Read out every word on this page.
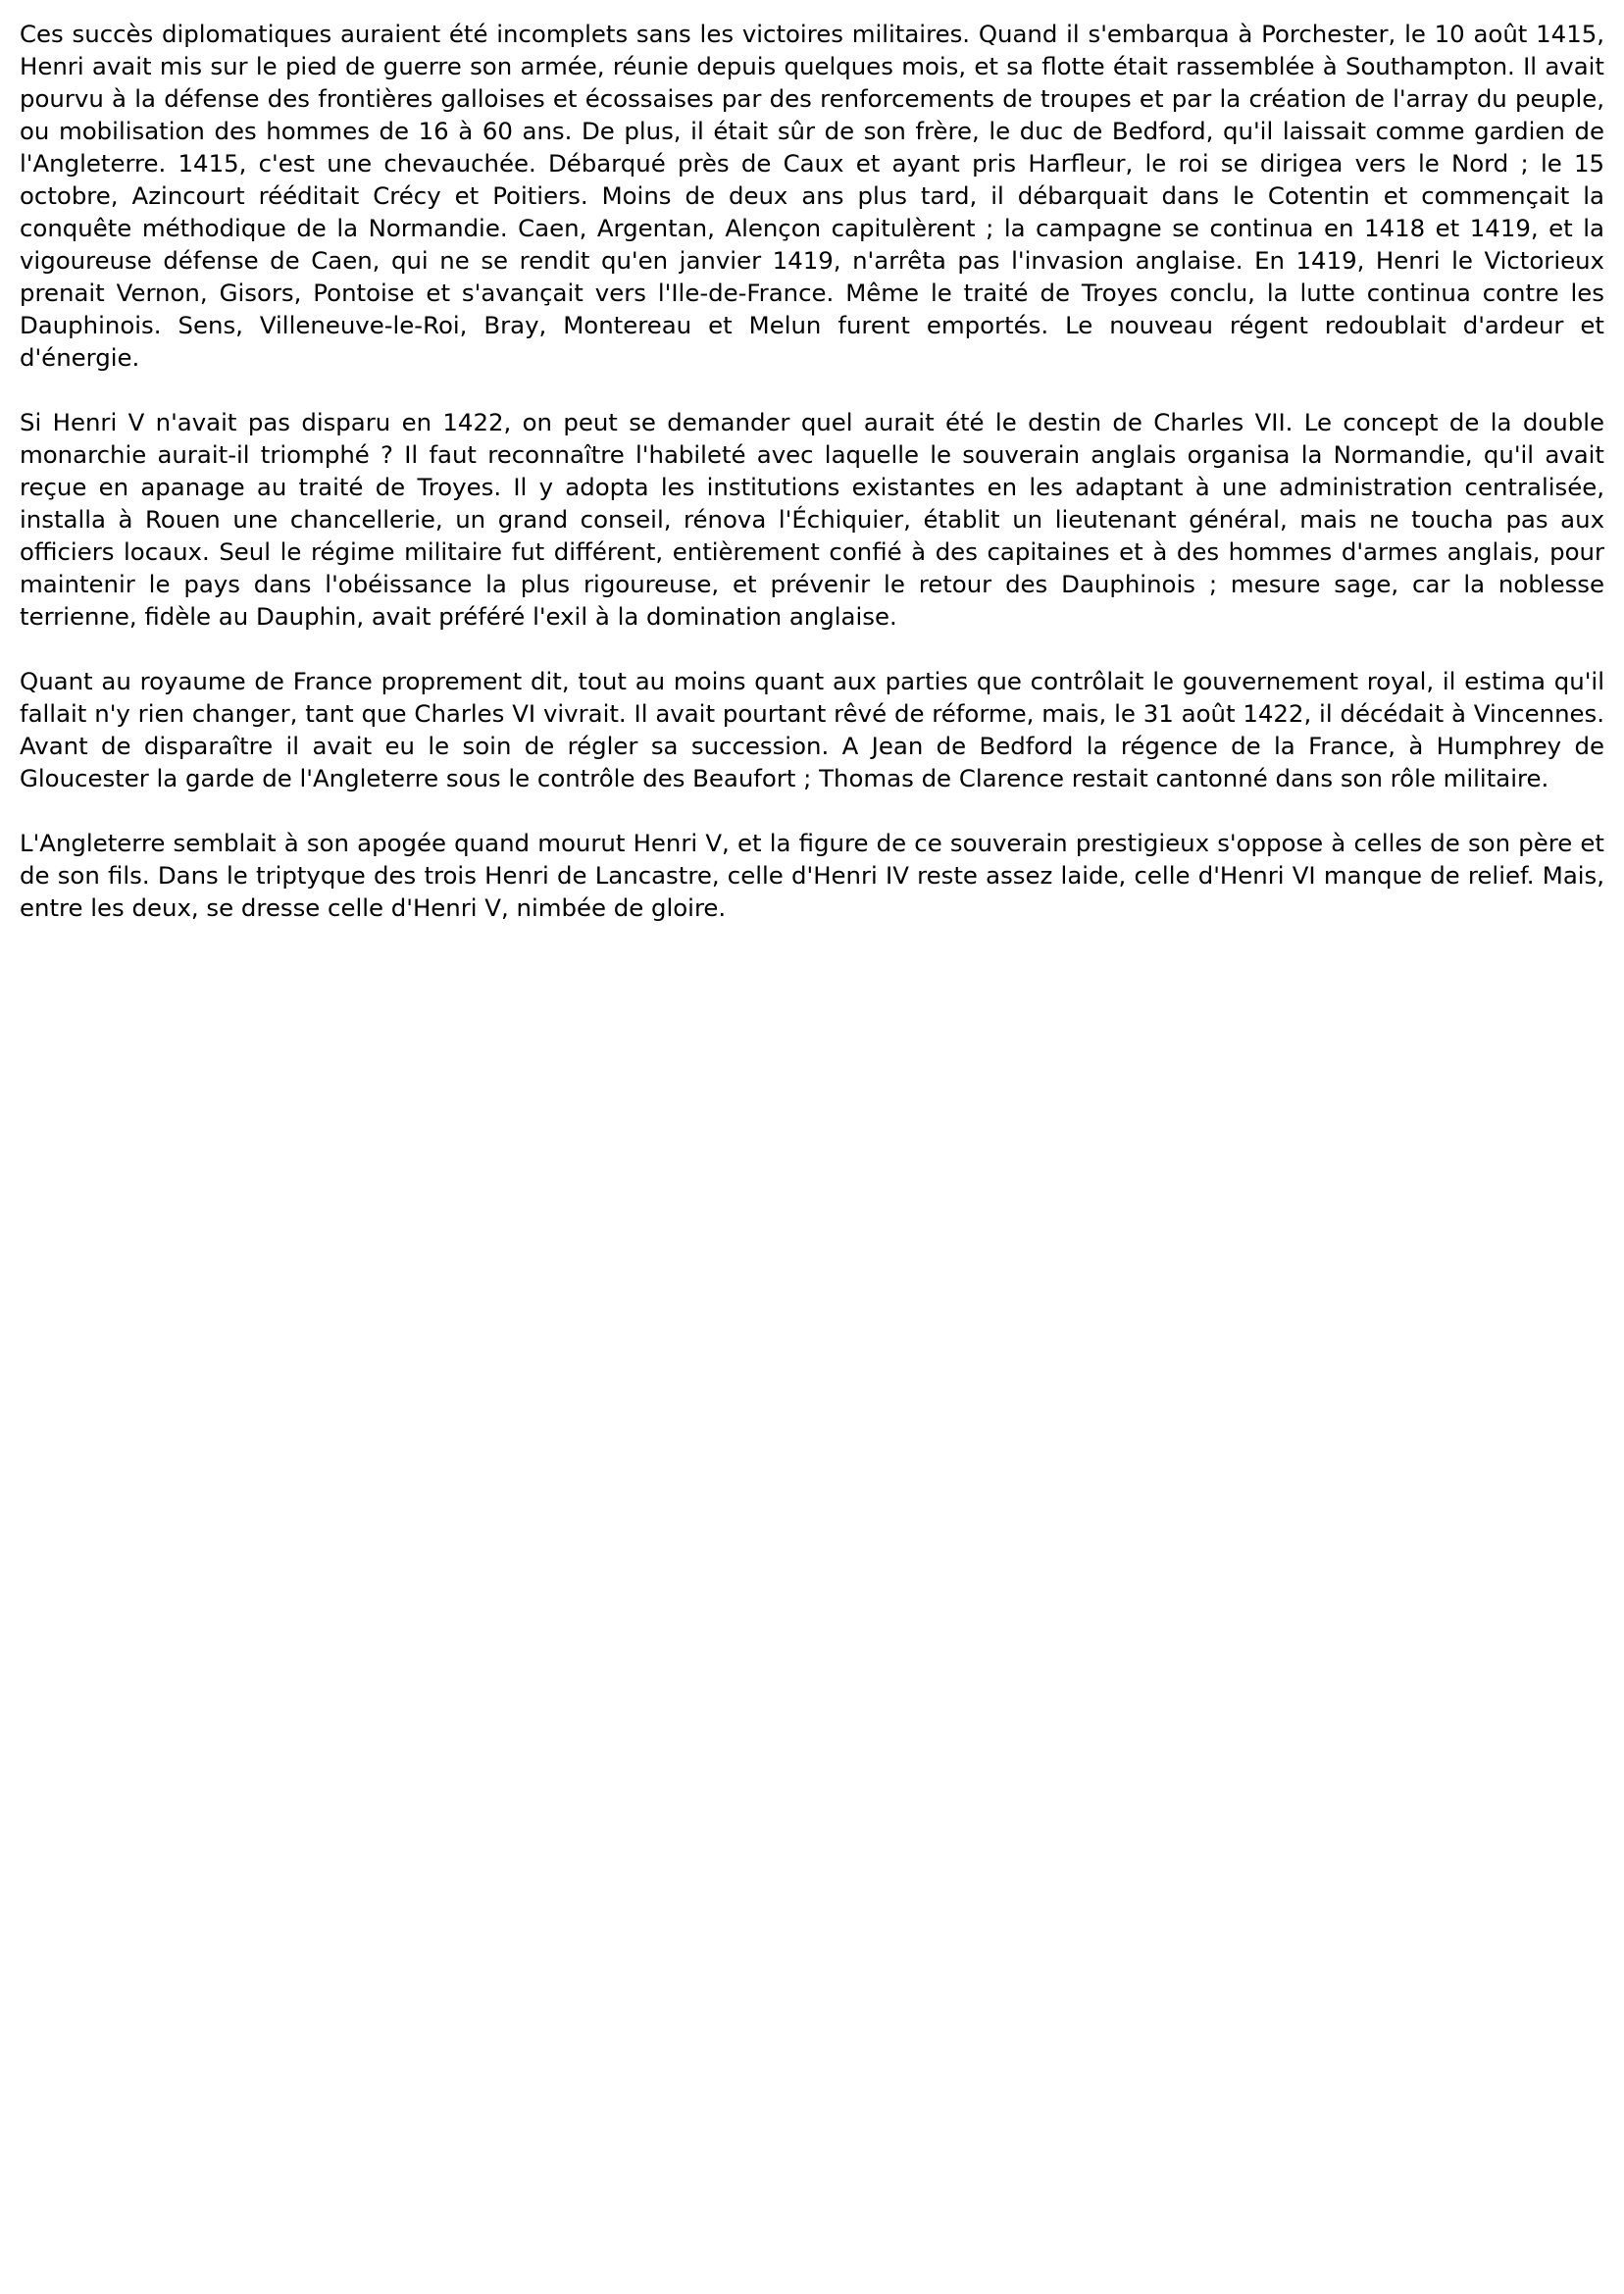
Ces succès diplomatiques auraient été incomplets sans les victoires militaires. Quand il s'embarqua à Porchester, le 10 août 1415, Henri avait mis sur le pied de guerre son armée, réunie depuis quelques mois, et sa flotte était rassemblée à Southampton. Il avait pourvu à la défense des frontières galloises et écossaises par des renforcements de troupes et par la création de l'array du peuple, ou mobilisation des hommes de 16 à 60 ans. De plus, il était sûr de son frère, le duc de Bedford, qu'il laissait comme gardien de l'Angleterre. 1415, c'est une chevauchée. Débarqué près de Caux et ayant pris Harfleur, le roi se dirigea vers le Nord ; le 15 octobre, Azincourt rééditait Crécy et Poitiers. Moins de deux ans plus tard, il débarquait dans le Cotentin et commençait la conquête méthodique de la Normandie. Caen, Argentan, Alençon capitulèrent ; la campagne se continua en 1418 et 1419, et la vigoureuse défense de Caen, qui ne se rendit qu'en janvier 1419, n'arrêta pas l'invasion anglaise. En 1419, Henri le Victorieux prenait Vernon, Gisors, Pontoise et s'avançait vers l'Ile-de-France. Même le traité de Troyes conclu, la lutte continua contre les Dauphinois. Sens, Villeneuve-le-Roi, Bray, Montereau et Melun furent emportés. Le nouveau régent redoublait d'ardeur et d'énergie.

Si Henri V n'avait pas disparu en 1422, on peut se demander quel aurait été le destin de Charles VII. Le concept de la double monarchie aurait-il triomphé ? Il faut reconnaître l'habileté avec laquelle le souverain anglais organisa la Normandie, qu'il avait reçue en apanage au traité de Troyes. Il y adopta les institutions existantes en les adaptant à une administration centralisée, installa à Rouen une chancellerie, un grand conseil, rénova l'Échiquier, établit un lieutenant général, mais ne toucha pas aux officiers locaux. Seul le régime militaire fut différent, entièrement confié à des capitaines et à des hommes d'armes anglais, pour maintenir le pays dans l'obéissance la plus rigoureuse, et prévenir le retour des Dauphinois ; mesure sage, car la noblesse terrienne, fidèle au Dauphin, avait préféré l'exil à la domination anglaise.

Quant au royaume de France proprement dit, tout au moins quant aux parties que contrôlait le gouvernement royal, il estima qu'il fallait n'y rien changer, tant que Charles VI vivrait. Il avait pourtant rêvé de réforme, mais, le 31 août 1422, il décédait à Vincennes. Avant de disparaître il avait eu le soin de régler sa succession. A Jean de Bedford la régence de la France, à Humphrey de Gloucester la garde de l'Angleterre sous le contrôle des Beaufort ; Thomas de Clarence restait cantonné dans son rôle militaire.

L'Angleterre semblait à son apogée quand mourut Henri V, et la figure de ce souverain prestigieux s'oppose à celles de son père et de son fils. Dans le triptyque des trois Henri de Lancastre, celle d'Henri IV reste assez laide, celle d'Henri VI manque de relief. Mais, entre les deux, se dresse celle d'Henri V, nimbée de gloire.
